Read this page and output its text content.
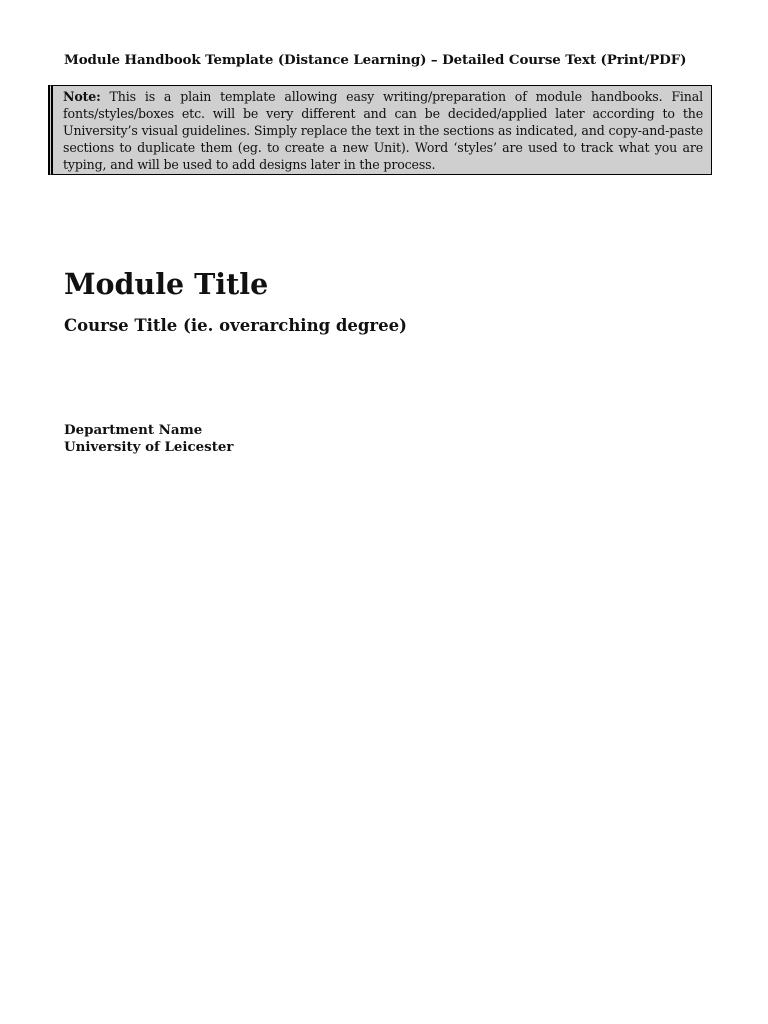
Module Handbook Template (Distance Learning) – Detailed Course Text (Print/PDF)
Note: This is a plain template allowing easy writing/preparation of module handbooks. Final fonts/styles/boxes etc. will be very different and can be decided/applied later according to the University’s visual guidelines. Simply replace the text in the sections as indicated, and copy-and-paste sections to duplicate them (eg. to create a new Unit). Word ‘styles’ are used to track what you are typing, and will be used to add designs later in the process.
Module Title
Course Title (ie. overarching degree)
Department Name
University of Leicester
